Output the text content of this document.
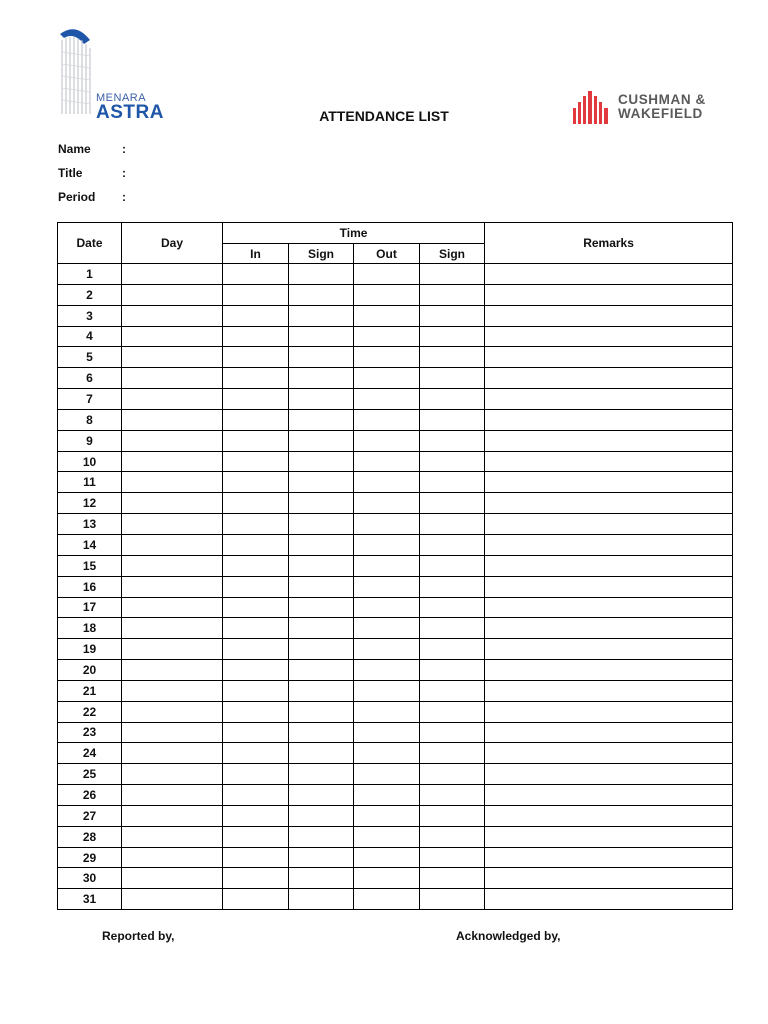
MENARA
ASTRA
CUSHMAN &
WAKEFIELD
ATTENDANCE LIST
Name	:
Title	:
Period :
Date	Day	Time				Remarks
		In	Sign	Out	Sign	
1						
2						
3						
4						
5						
6						
7						
8						
9						
10						
11						
12						
13						
14						
15						
16						
17						
18						
19						
20						
21						
22						
23						
24						
25						
26						
27						
28						
29						
30						
31						
Reported by,	Acknowledged by,
